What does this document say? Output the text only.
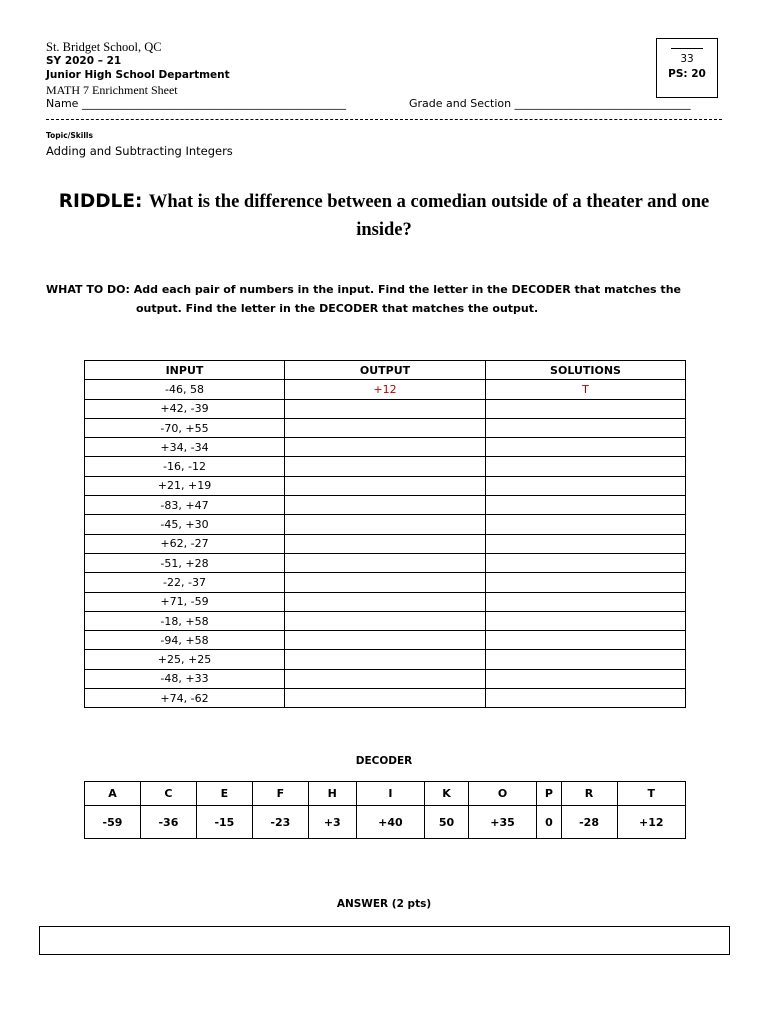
St. Bridget School, QC
SY 2020 – 21
Junior High School Department
MATH 7 Enrichment Sheet
Name ________________________________________________	Grade and Section ________________________________
33
PS: 20
Topic/Skills
Adding and Subtracting Integers
RIDDLE: What is the difference between a comedian outside of a theater and one inside?
WHAT TO DO: Add each pair of numbers in the input. Find the letter in the DECODER that matches the
output. Find the letter in the DECODER that matches the output.
INPUT	OUTPUT	SOLUTIONS
-46, 58	+12	T
+42, -39		
-70, +55		
+34, -34		
-16, -12		
+21, +19		
-83, +47		
-45, +30		
+62, -27		
-51, +28		
-22, -37		
+71, -59		
-18, +58		
-94, +58		
+25, +25		
-48, +33		
+74, -62		
DECODER
A	C	E	F	H	I	K	O	P	R	T
-59	-36	-15	-23	+3	+40	50	+35	0	-28	+12
ANSWER (2 pts)
